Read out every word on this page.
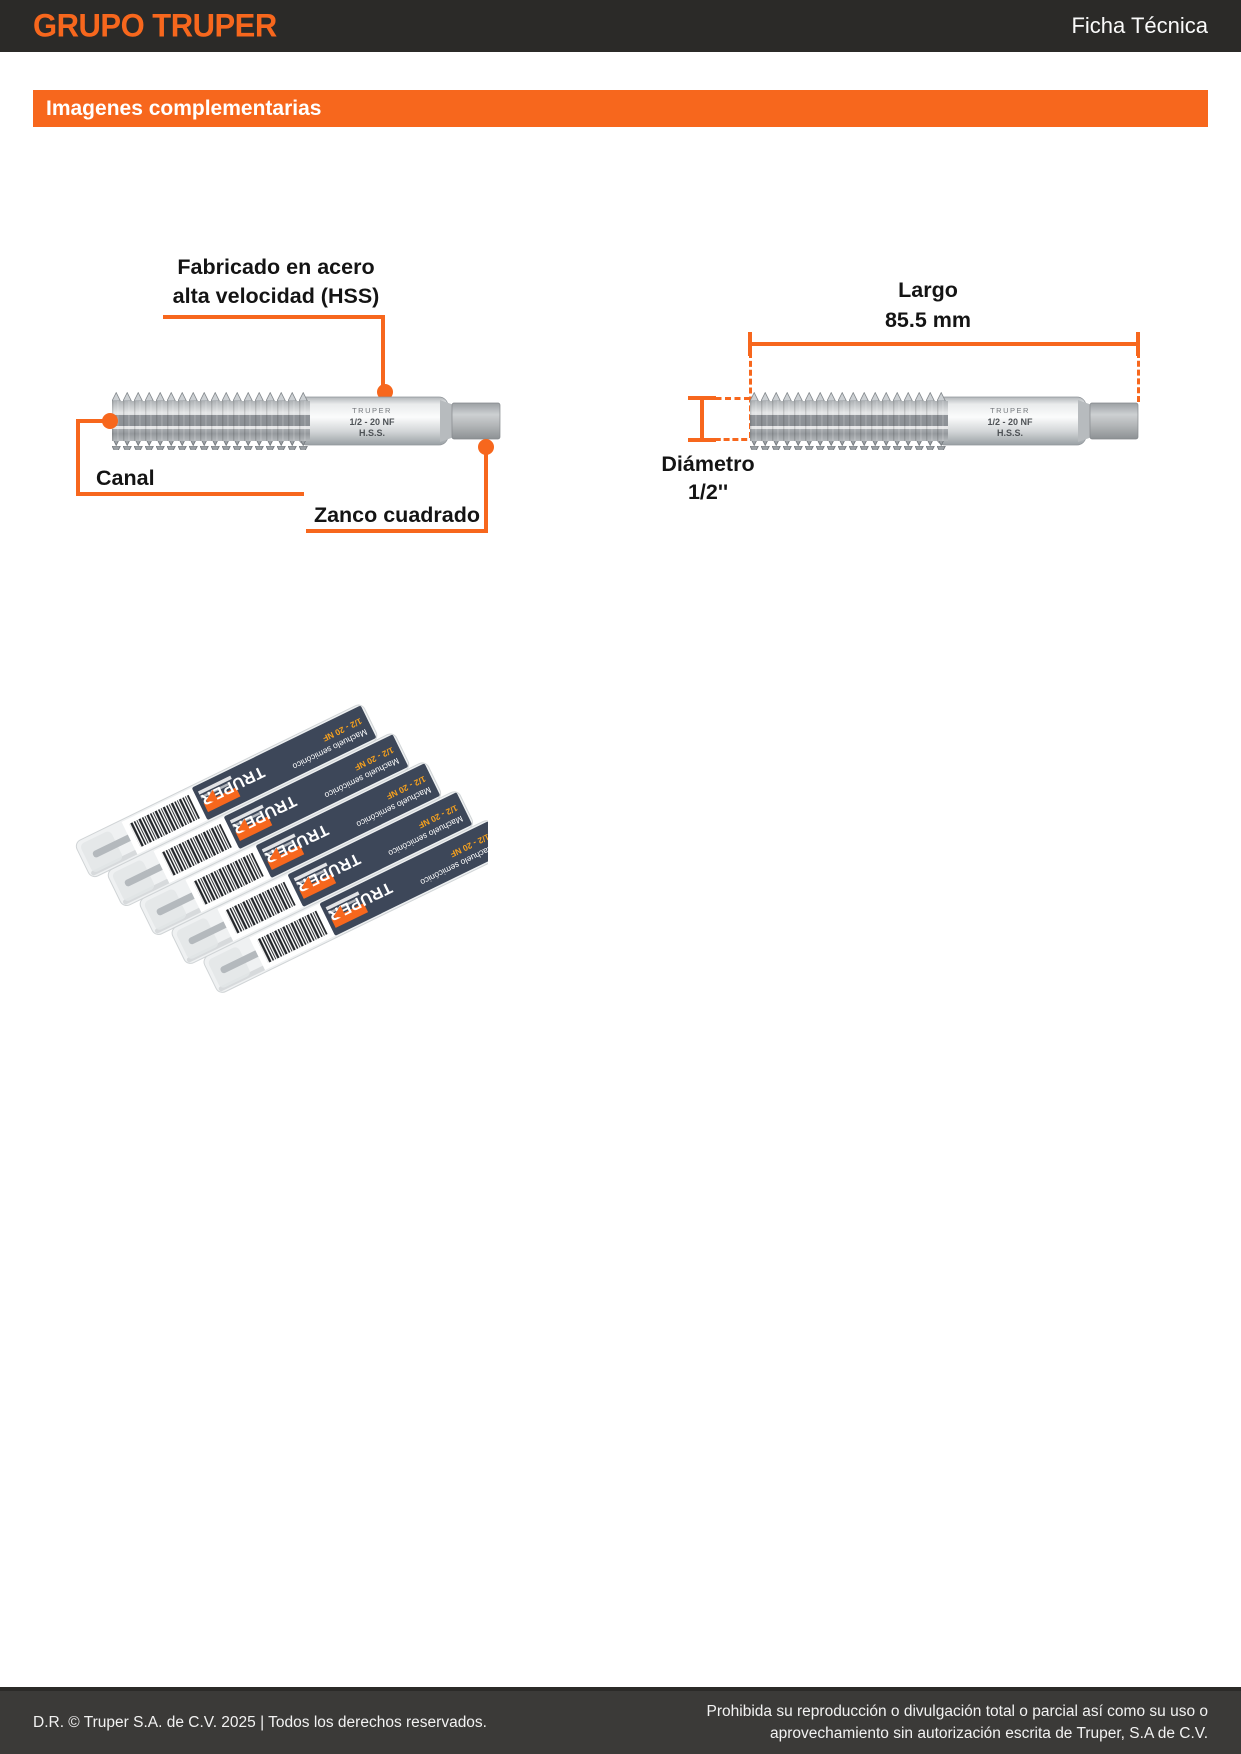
GRUPO TRUPER	Ficha Técnica
Imagenes complementarias
Fabricado en acero
alta velocidad (HSS)
Canal
Zanco cuadrado
Largo
85.5 mm
Diámetro
1/2''
D.R. © Truper S.A. de C.V. 2025 | Todos los derechos reservados.
Prohibida su reproducción o divulgación total o parcial así como su uso o
aprovechamiento sin autorización escrita de Truper, S.A de C.V.
